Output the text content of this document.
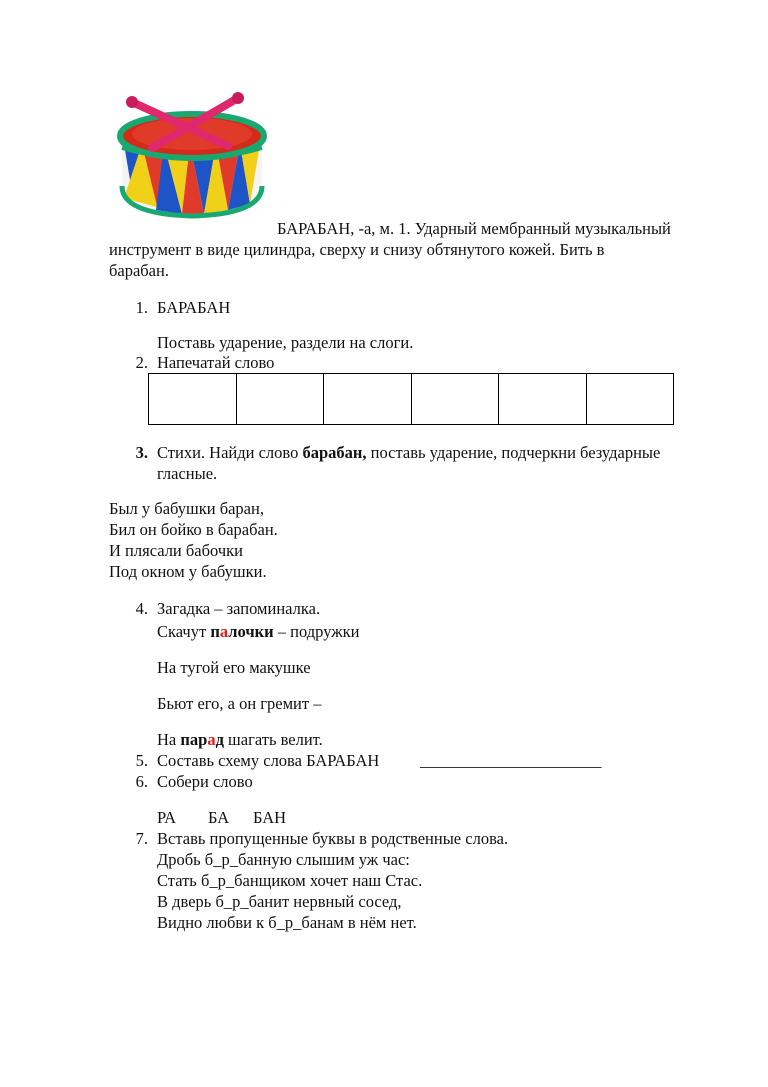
БАРАБАН, -а, м. 1. Ударный мембранный музыкальный
инструмент в виде цилиндра, сверху и снизу обтянутого кожей. Бить в
барабан.
1. БАРАБАН
Поставь ударение, раздели на слоги.
2. Напечатай слово
3. Стихи. Найди слово барабан, поставь ударение, подчеркни безударные
гласные.
Был у бабушки баран,
Бил он бойко в барабан.
И плясали бабочки
Под окном у бабушки.
4. Загадка – запоминалка.
Скачут палочки – подружки
На тугой его макушке
Бьют его, а он гремит –
На парад шагать велит.
5. Составь схему слова БАРАБАН ______________________
6. Собери слово
РА БА БАН
7. Вставь пропущенные буквы в родственные слова.
Дробь б_р_банную слышим уж час:
Стать б_р_банщиком хочет наш Стас.
В дверь б_р_банит нервный сосед,
Видно любви к б_р_банам в нём нет.
